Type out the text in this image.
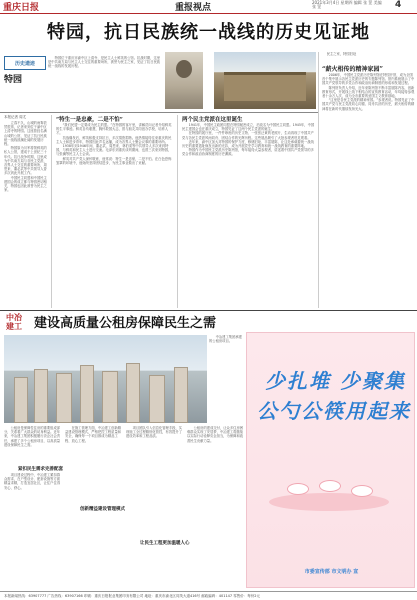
重庆日报	重报视点
2021年3月4日 星期四 编辑 张 罡 美编 张 罡	4
特园，抗日民族统一战线的历史见证地
历史遗迹
特园

特园位于重庆市渝中区上清寺，是民主人士鲜英的公馆。抗战时期，这里是中共南方局与民主人士交往的重要场所，被誉为民主之家，见证了抗日民族统一战线的发展历程。

民主之家，特园旧址

“薪火相传的精神家园”
本报记者 周尤

立春不久，山城的雨雾依然很浓，记者来到位于渝中区上清寺的特园。这座曾经名满山城的公馆，见证了抗日民族统一战线波澜壮阔的发展历程。

特园原为川军将领鲜英的私人公馆，建成于上世纪三十年代。抗日战争时期，这里成为中共南方局与各民主党派、各界人士交往的重要场所，周恩来、董必武等中共领导人曾多次到此开展工作。

中国民主同盟和中国民主建国会的成立都与特园密切相关，特园也因此被誉为民主之家。

“特生一是忠豪，二是不怕”

“我们民盟一定要成为民主的盟。”在特园的客厅里，讲解员向记者介绍鲜英的生平事迹。鲜英自幼聪慧，胸怀救国大志，曾与朋友共同创办学校，培养人才。

抗战爆发后，鲜英积极支持抗日，多次捐资捐物。他热情接待往来重庆的民主人士和进步青年，特园因此声名远播，成为各界人士聚会议事的重要场所。

1938年到1946年间，董必武、周恩来、林伯渠等中共领导人多次来到特园，与鲜英和民主人士进行交流。毛泽东到重庆谈判期间，也曾三次来到特园，与张澜等民主人士会谈。

鲜英对共产党人深怀敬意，他常说：特生一是忠豪，二是不怕。在白色恐怖笼罩的环境中，他始终坚持团结进步，为民主事业做出了贡献。

两个民主党派在这里诞生

1941年，中国民主政团同盟在特园秘密成立，后改名为中国民主同盟。1945年，中国民主建国会也在重庆成立，特园见证了这两个民主党派的诞生。

在特园的展厅里，一件件珍贵的历史文物、一张张泛黄的老照片，生动再现了中国共产党与各民主党派风雨同舟、团结合作的光辉历程。这些展品吸引了大批参观者驻足观看。

近年来，渝中区加大对特园的保护力度，修缮旧址、丰富展陈，让这处承载着统一战线历史的重要遗址焕发出新的光彩，成为开展党史学习教育和统一战线教育的重要阵地。

特园作为中国民主党派历史陈列馆，每年接待大量参观者，讲述着中国共产党领导的多党合作和政治协商制度的历史渊源。

2006年，中国民主党派历史陈列馆在特园开馆，成为全国首个集中展示各民主党派历史的专题陈列馆。馆内系统展示了中国共产党领导的多党合作和政治协商制度的形成和发展过程。

陈列馆负责人介绍，近年来陈列馆不断丰富展陈内容，创新教育形式，开展线上线下相结合的宣传教育活动，年均接待参观者十余万人次，成为全市重要的爱国主义教育基地。

“这里是各民主党派的精神家园。”参观者说。特园见证了中国共产党与民主党派同心同德、同舟共济的历史，薪火相传的精神将在新时代继续发扬光大。

中冶
建工 建设高质量公租房保障民生之需

中冶建工集团承建的公租房项目。

公租房是保障性住房的重要组成部分，关系着广大群众的切身利益。近年来，中冶建工集团积极履行央企社会责任，承建了多个公租房项目，以高质量建设保障民生之需。

紧扣民生需求完善配套

项目建设过程中，中冶建工紧扣群众需求，在户型设计、配套设施等方面精益求精，打造宜居社区，让住户住得安心、舒心。

在施工管理方面，中冶建工创新精益建设管理模式，严格把控工程质量和安全，确保每一个项目都成为精品工程、放心工程。

创新精益建设管理模式

项目团队引入信息化管理手段，实现施工全过程精细化管控，有效提升了建设效率和工程品质。

让民生工程更加温暖人心

公租房的建成交付，让众多住房困难群众实现了安居梦，中冶建工将继续以实际行动诠释央企担当，为保障和改善民生贡献力量。

少扎堆 少聚集
公勺公筷用起来
市委宣传部 市文明办 宣
本报新闻热线：63907777 广告热线：63907166 印刷：重庆日报报业集团印务有限公司 地址：重庆市渝北区同茂大道416号 邮政编码：401147 零售价：每份2元
